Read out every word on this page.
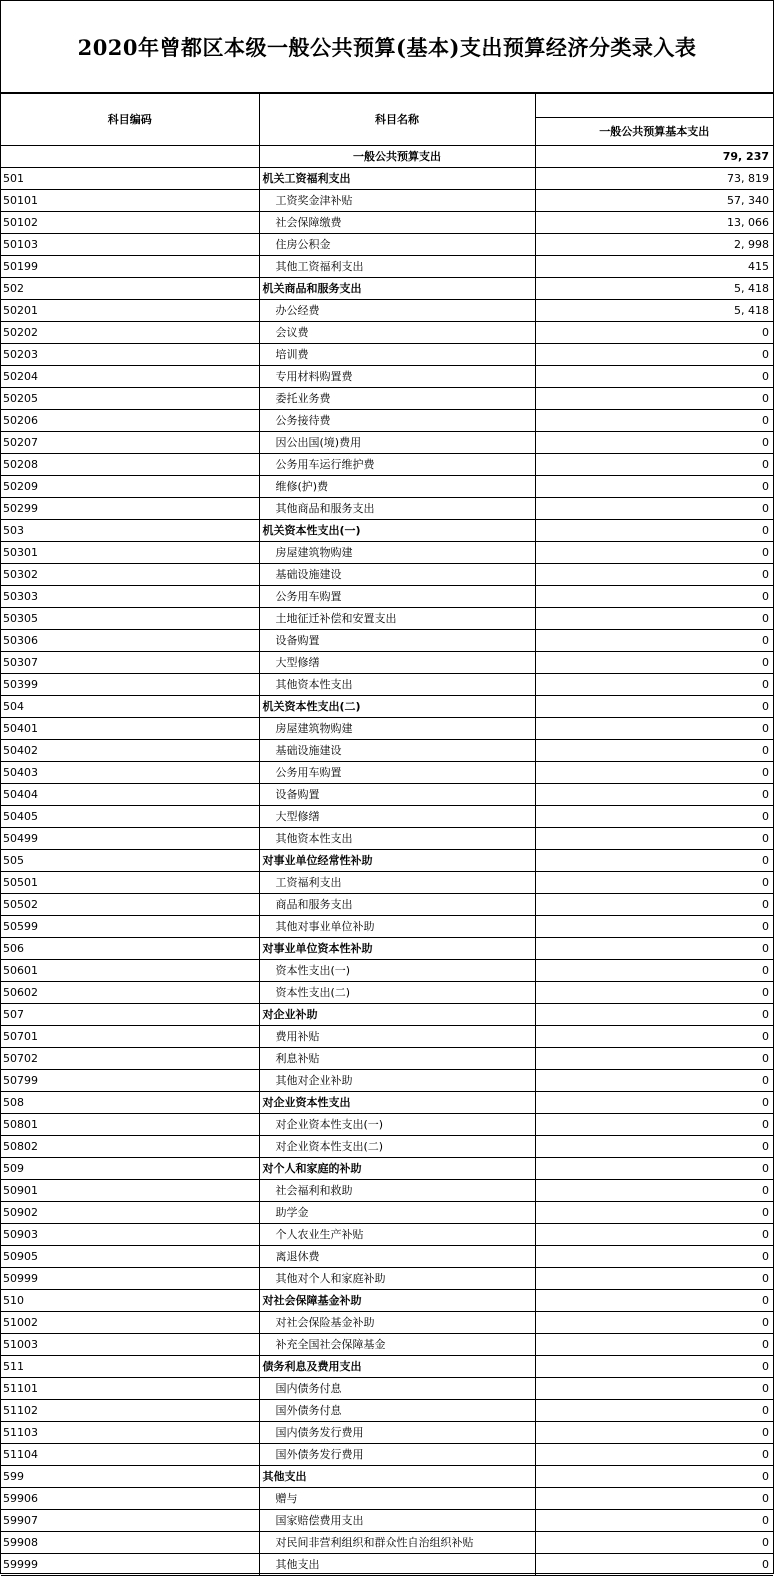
2020年曾都区本级一般公共预算(基本)支出预算经济分类录入表
科目编码	科目名称	
		一般公共预算基本支出
	一般公共预算支出	79, 237
501	机关工资福利支出	73, 819
50101	工资奖金津补贴	57, 340
50102	社会保障缴费	13, 066
50103	住房公积金	2, 998
50199	其他工资福利支出	415
502	机关商品和服务支出	5, 418
50201	办公经费	5, 418
50202	会议费	0
50203	培训费	0
50204	专用材料购置费	0
50205	委托业务费	0
50206	公务接待费	0
50207	因公出国(境)费用	0
50208	公务用车运行维护费	0
50209	维修(护)费	0
50299	其他商品和服务支出	0
503	机关资本性支出(一)	0
50301	房屋建筑物购建	0
50302	基础设施建设	0
50303	公务用车购置	0
50305	土地征迁补偿和安置支出	0
50306	设备购置	0
50307	大型修缮	0
50399	其他资本性支出	0
504	机关资本性支出(二)	0
50401	房屋建筑物购建	0
50402	基础设施建设	0
50403	公务用车购置	0
50404	设备购置	0
50405	大型修缮	0
50499	其他资本性支出	0
505	对事业单位经常性补助	0
50501	工资福利支出	0
50502	商品和服务支出	0
50599	其他对事业单位补助	0
506	对事业单位资本性补助	0
50601	资本性支出(一)	0
50602	资本性支出(二)	0
507	对企业补助	0
50701	费用补贴	0
50702	利息补贴	0
50799	其他对企业补助	0
508	对企业资本性支出	0
50801	对企业资本性支出(一)	0
50802	对企业资本性支出(二)	0
509	对个人和家庭的补助	0
50901	社会福利和救助	0
50902	助学金	0
50903	个人农业生产补贴	0
50905	离退休费	0
50999	其他对个人和家庭补助	0
510	对社会保障基金补助	0
51002	对社会保险基金补助	0
51003	补充全国社会保障基金	0
511	债务利息及费用支出	0
51101	国内债务付息	0
51102	国外债务付息	0
51103	国内债务发行费用	0
51104	国外债务发行费用	0
599	其他支出	0
59906	赠与	0
59907	国家赔偿费用支出	0
59908	对民间非营利组织和群众性自治组织补贴	0
59999	其他支出	0
